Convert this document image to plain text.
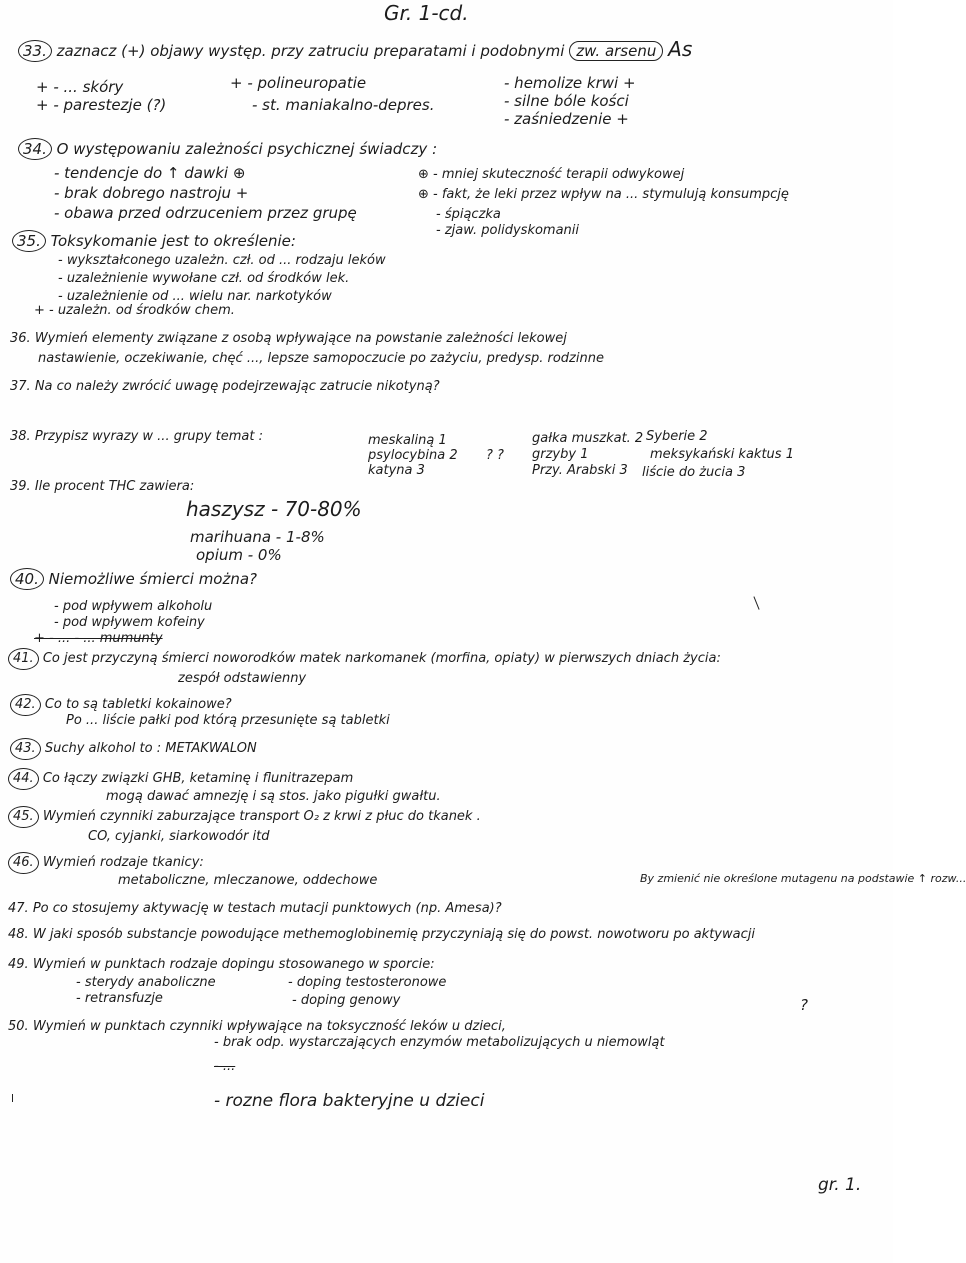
Gr. 1-cd.
33. zaznacz (+) objawy występ. przy zatruciu preparatami i podobnymi zw. arsenu As
+ - ... skóry
+ - parestezje (?)
+ - polineuropatie
- st. maniakalno-depres.
- hemolize krwi +
- silne bóle kości
- zaśniedzenie +
34. O występowaniu zależności psychicznej świadczy :
- tendencje do ↑ dawki ⊕
- brak dobrego nastroju +
- obawa przed odrzuceniem przez grupę
⊕ - mniej skuteczność terapii odwykowej
⊕ - fakt, że leki przez wpływ na ... stymulują konsumpcję
- śpiączka
- zjaw. polidyskomanii
35. Toksykomanie jest to określenie:
- wykształconego uzależn. czł. od ... rodzaju leków
- uzależnienie wywołane czł. od środków lek.
- uzależnienie od ... wielu nar. narkotyków
+ - uzależn. od środków chem.
36. Wymień elementy związane z osobą wpływające na powstanie zależności lekowej
nastawienie, oczekiwanie, chęć ..., lepsze samopoczucie po zażyciu, predysp. rodzinne
37. Na co należy zwrócić uwagę podejrzewając zatrucie nikotyną?
38. Przypisz wyrazy w ... grupy temat :	meskaliną 1
psylocybina 2
katyna 3
? ?
gałka muszkat. 2
grzyby 1
Przy. Arabski 3
Syberie 2
meksykański kaktus 1
liście do żucia 3
39. Ile procent THC zawiera:
haszysz - 70-80%
marihuana - 1-8%
opium - 0%
40. Niemożliwe śmierci można?
- pod wpływem alkoholu
- pod wpływem kofeiny
+ - ... - ... mumunty
41. Co jest przyczyną śmierci noworodków matek narkomanek (morfina, opiaty) w pierwszych dniach życia:
zespół odstawienny
42. Co to są tabletki kokainowe?
Po ... liście pałki pod którą przesunięte są tabletki
43. Suchy alkohol to : METAKWALON
44. Co łączy związki GHB, ketaminę i flunitrazepam
mogą dawać amnezję i są stos. jako pigułki gwałtu.
45. Wymień czynniki zaburzające transport O₂ z krwi z płuc do tkanek .
CO, cyjanki, siarkowodór itd
46. Wymień rodzaje tkanicy:
metaboliczne, mleczanowe, oddechowe
47. Po co stosujemy aktywację w testach mutacji punktowych (np. Amesa)?
By zmienić nie określone mutagenu na podstawie ↑ rozw...
48. W jaki sposób substancje powodujące methemoglobinemię przyczyniają się do powst. nowotworu po aktywacji
49. Wymień w punktach rodzaje dopingu stosowanego w sporcie:
- sterydy anaboliczne
- retransfuzje
- doping testosteronowe
- doping genowy
50. Wymień w punktach czynniki wpływające na toksyczność leków u dzieci,
?
- brak odp. wystarczających enzymów metabolizujących u niemowląt
- ...
- rozne flora bakteryjne u dzieci
gr. 1.
